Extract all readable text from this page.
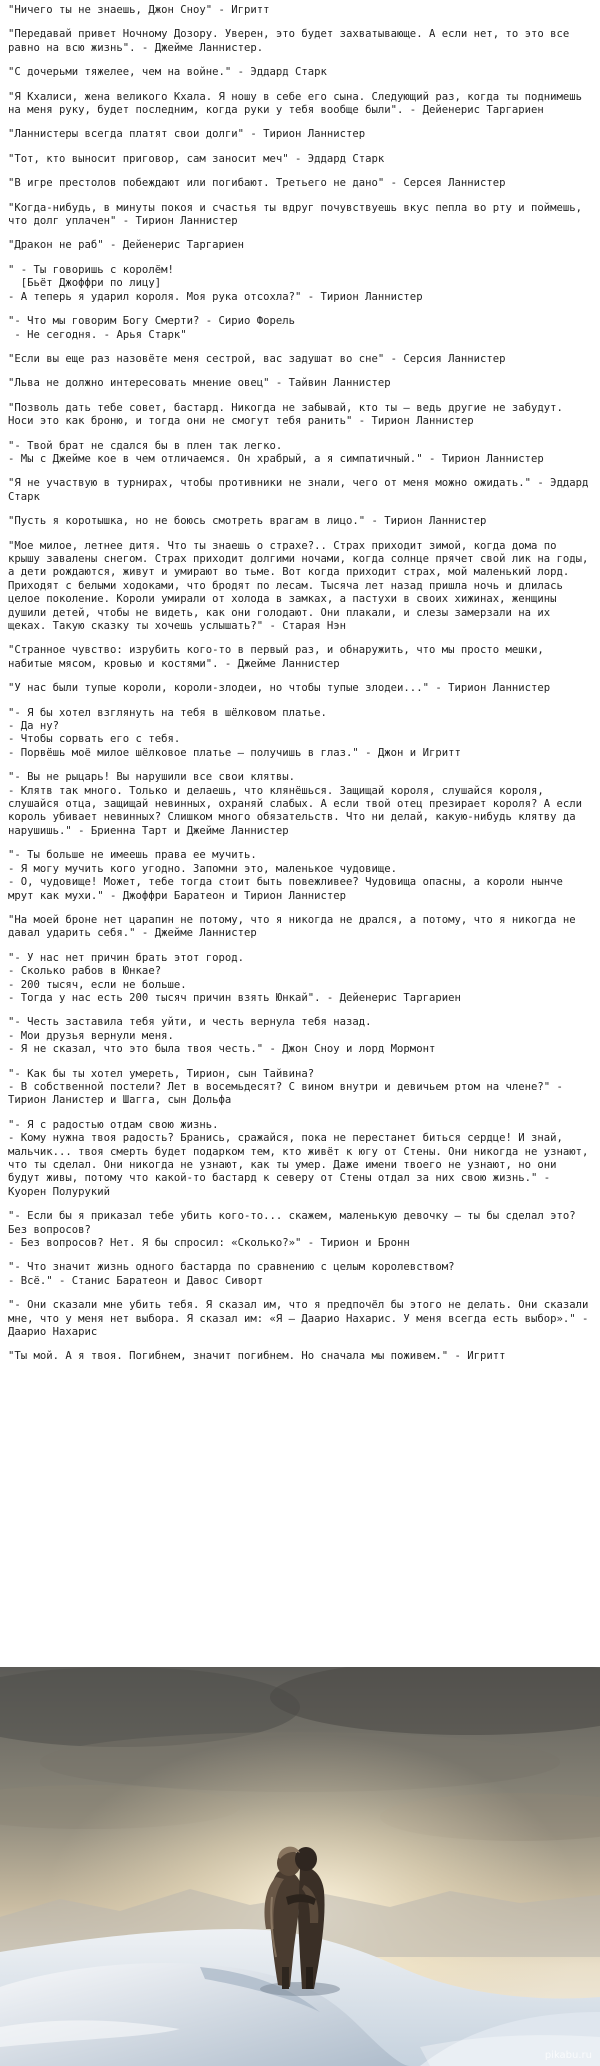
"Ничего ты не знаешь, Джон Сноу" - Игритт
"Передавай привет Ночному Дозору. Уверен, это будет захватывающе. А если нет, то это все равно на всю жизнь". - Джейме Ланнистер.
"С дочерьми тяжелее, чем на войне." - Эддард Старк
"Я Кхалиси, жена великого Кхала. Я ношу в себе его сына. Следующий раз, когда ты поднимешь на меня руку, будет последним, когда руки у тебя вообще были". - Дейенерис Таргариен
"Ланнистеры всегда платят свои долги" - Тирион Ланнистер
"Тот, кто выносит приговор, сам заносит меч" - Эддард Старк
"В игре престолов побеждают или погибают. Третьего не дано" - Серсея Ланнистер
"Когда-нибудь, в минуты покоя и счастья ты вдруг почувствуешь вкус пепла во рту и поймешь, что долг уплачен" - Тирион Ланнистер
"Дракон не раб" - Дейенерис Таргариен
" - Ты говоришь с королём!
[Бьёт Джоффри по лицу]
- А теперь я ударил короля. Моя рука отсохла?" - Тирион Ланнистер
"- Что мы говорим Богу Смерти? - Сирио Форель
- Не сегодня. - Арья Старк"
"Если вы еще раз назовёте меня сестрой, вас задушат во сне" - Серсия Ланнистер
"Льва не должно интересовать мнение овец" - Тайвин Ланнистер
"Позволь дать тебе совет, бастард. Никогда не забывай, кто ты – ведь другие не забудут. Носи это как броню, и тогда они не смогут тебя ранить" - Тирион Ланнистер
"- Твой брат не сдался бы в плен так легко.
- Мы с Джейме кое в чем отличаемся. Он храбрый, а я симпатичный." - Тирион Ланнистер
"Я не участвую в турнирах, чтобы противники не знали, чего от меня можно ожидать." - Эддард Старк
"Пусть я коротышка, но не боюсь смотреть врагам в лицо." - Тирион Ланнистер
"Мое милое, летнее дитя. Что ты знаешь о страхе?.. Страх приходит зимой, когда дома по крышу завалены снегом. Страх приходит долгими ночами, когда солнце прячет свой лик на годы, а дети рождаются, живут и умирают во тьме. Вот когда приходит страх, мой маленький лорд. Приходят с белыми ходоками, что бродят по лесам. Тысяча лет назад пришла ночь и длилась целое поколение. Короли умирали от холода в замках, а пастухи в своих хижинах, женщины душили детей, чтобы не видеть, как они голодают. Они плакали, и слезы замерзали на их щеках. Такую сказку ты хочешь услышать?" - Старая Нэн
"Странное чувство: изрубить кого-то в первый раз, и обнаружить, что мы просто мешки, набитые мясом, кровью и костями". - Джейме Ланнистер
"У нас были тупые короли, короли-злодеи, но чтобы тупые злодеи..." - Тирион Ланнистер
"- Я бы хотел взглянуть на тебя в шёлковом платье.
- Да ну?
- Чтобы сорвать его с тебя.
- Порвёшь моё милое шёлковое платье – получишь в глаз." - Джон и Игритт
"- Вы не рыцарь! Вы нарушили все свои клятвы.
- Клятв так много. Только и делаешь, что клянёшься. Защищай короля, слушайся короля, слушайся отца, защищай невинных, охраняй слабых. А если твой отец презирает короля? А если король убивает невинных? Слишком много обязательств. Что ни делай, какую-нибудь клятву да нарушишь." - Бриенна Тарт и Джейме Ланнистер
"- Ты больше не имеешь права ее мучить.
- Я могу мучить кого угодно. Запомни это, маленькое чудовище.
- О, чудовище! Может, тебе тогда стоит быть повежливее? Чудовища опасны, а короли нынче мрут как мухи." - Джоффри Баратеон и Тирион Ланнистер
"На моей броне нет царапин не потому, что я никогда не дрался, а потому, что я никогда не давал ударить себя." - Джейме Ланнистер
"- У нас нет причин брать этот город.
- Сколько рабов в Юнкае?
- 200 тысяч, если не больше.
- Тогда у нас есть 200 тысяч причин взять Юнкай". - Дейенерис Таргариен
"- Честь заставила тебя уйти, и честь вернула тебя назад.
- Мои друзья вернули меня.
- Я не сказал, что это была твоя честь." - Джон Сноу и лорд Мормонт
"- Как бы ты хотел умереть, Тирион, сын Тайвина?
- В собственной постели? Лет в восемьдесят? С вином внутри и девичьем ртом на члене?" - Тирион Ланистер и Шагга, сын Дольфа
"- Я с радостью отдам свою жизнь.
- Кому нужна твоя радость? Бранись, сражайся, пока не перестанет биться сердце! И знай, мальчик... твоя смерть будет подарком тем, кто живёт к югу от Стены. Они никогда не узнают, что ты сделал. Они никогда не узнают, как ты умер. Даже имени твоего не узнают, но они будут живы, потому что какой-то бастард к северу от Стены отдал за них свою жизнь." - Куорен Полурукий
"- Если бы я приказал тебе убить кого-то... скажем, маленькую девочку – ты бы сделал это? Без вопросов?
- Без вопросов? Нет. Я бы спросил: «Сколько?»" - Тирион и Бронн
"- Что значит жизнь одного бастарда по сравнению с целым королевством?
- Всё." - Станис Баратеон и Давос Сиворт
"- Они сказали мне убить тебя. Я сказал им, что я предпочёл бы этого не делать. Они сказали мне, что у меня нет выбора. Я сказал им: «Я – Даарио Нахарис. У меня всегда есть выбор»." - Даарио Нахарис
"Ты мой. А я твоя. Погибнем, значит погибнем. Но сначала мы поживем." - Игритт
pikabu.ru
